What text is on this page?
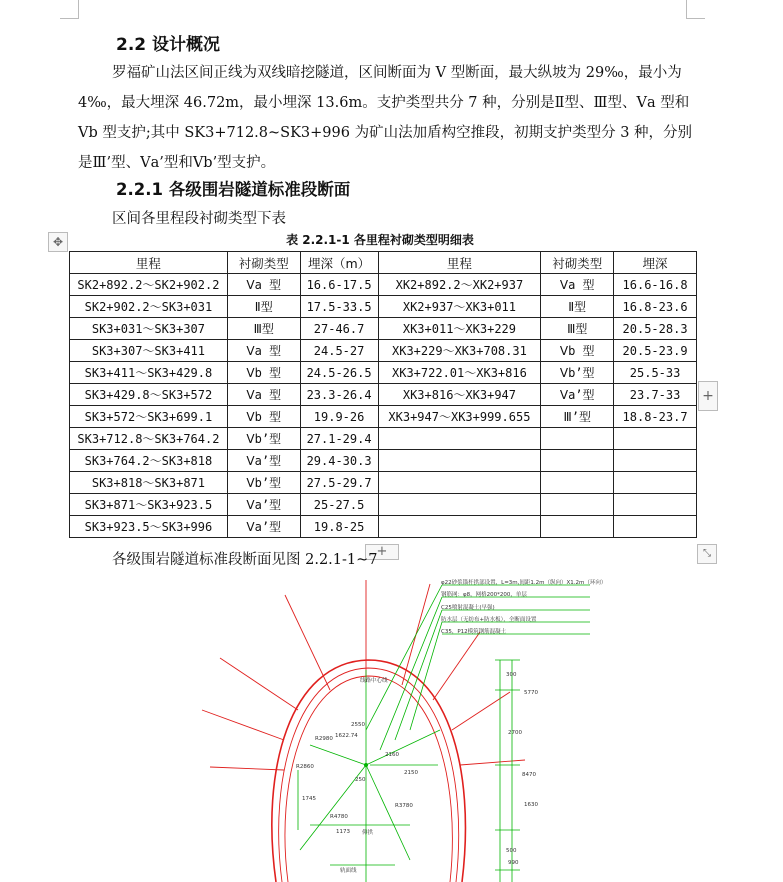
2.2 设计概况
罗福矿山法区间正线为双线暗挖隧道，区间断面为 V 型断面，最大纵坡为 29‰，最小为 4‰，最大埋深 46.72m，最小埋深 13.6m。支护类型共分 7 种，分别是Ⅱ型、Ⅲ型、Ⅴa 型和Ⅴb 型支护;其中 SK3+712.8~SK3+996 为矿山法加盾构空推段，初期支护类型分 3 种，分别是Ⅲ’型、Ⅴa’型和Ⅴb’型支护。
2.2.1 各级围岩隧道标准段断面
区间各里程段衬砌类型下表
✥	表 2.2.1-1 各里程衬砌类型明细表
里程	衬砌类型	埋深（m）	里程	衬砌类型	埋深
SK2+892.2～SK2+902.2	Ⅴa 型	16.6-17.5	XK2+892.2～XK2+937	Ⅴa 型	16.6-16.8
SK2+902.2～SK3+031	Ⅱ型	17.5-33.5	XK2+937～XK3+011	Ⅱ型	16.8-23.6
SK3+031～SK3+307	Ⅲ型	27-46.7	XK3+011～XK3+229	Ⅲ型	20.5-28.3
SK3+307～SK3+411	Ⅴa 型	24.5-27	XK3+229～XK3+708.31	Ⅴb 型	20.5-23.9
SK3+411～SK3+429.8	Ⅴb 型	24.5-26.5	XK3+722.01～XK3+816	Ⅴb’型	25.5-33
SK3+429.8～SK3+572	Ⅴa 型	23.3-26.4	XK3+816～XK3+947	Ⅴa’型	23.7-33
SK3+572～SK3+699.1	Ⅴb 型	19.9-26	XK3+947～XK3+999.655	Ⅲ’型	18.8-23.7
SK3+712.8～SK3+764.2	Ⅴb’型	27.1-29.4			
SK3+764.2～SK3+818	Ⅴa’型	29.4-30.3			
SK3+818～SK3+871	Ⅴb’型	27.5-29.7			
SK3+871～SK3+923.5	Ⅴa’型	25-27.5			
SK3+923.5～SK3+996	Ⅴa’型	19.8-25			
+
+	⤡
各级围岩隧道标准段断面见图 2.2.1-1~7
φ22砂浆锚杆拱部设置，L=3m,间距1.2m（纵向）X1.2m（环向）
钢筋网：φ8，网格200*200，单层
C25喷射混凝土(早强)
防水层（无纺布+防水板），全断面设置
C35，P12模筑钢筋混凝土
R2980
R2860
1622.74
2550
2160
2150
R3780
R4780
1745
1173
250
5770
8470
1630
500
300
2700
990
仰拱
轨面线
线路中心线
